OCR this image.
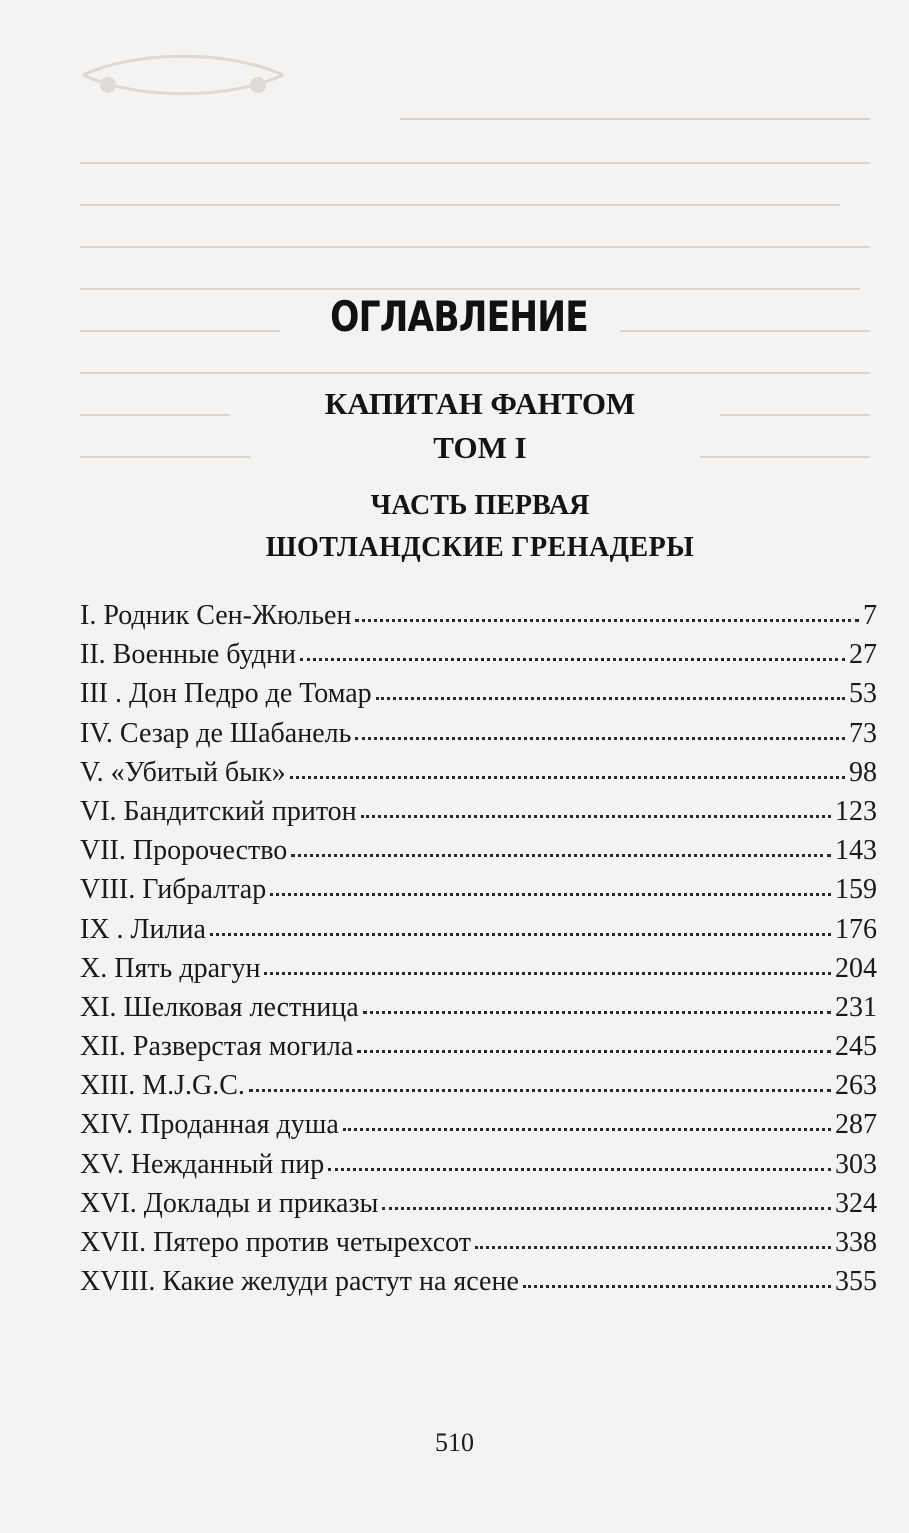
ОГЛАВЛЕНИЕ
КАПИТАН ФАНТОМ
ТОМ I
ЧАСТЬ ПЕРВАЯ
ШОТЛАНДСКИЕ ГРЕНАДЕРЫ
I. Родник Сен-Жюльен	7
II. Военные будни	27
III . Дон Педро де Томар	53
IV. Сезар де Шабанель	73
V. «Убитый бык»	98
VI. Бандитский притон	123
VII. Пророчество	143
VIII. Гибралтар	159
IX . Лилиа	176
X. Пять драгун	204
XI. Шелковая лестница	231
XII. Разверстая могила	245
XIII. M.J.G.C.	263
XIV. Проданная душа	287
XV. Нежданный пир	303
XVI. Доклады и приказы	324
XVII. Пятеро против четырехсот	338
XVIII. Какие желуди растут на ясене	355
510
